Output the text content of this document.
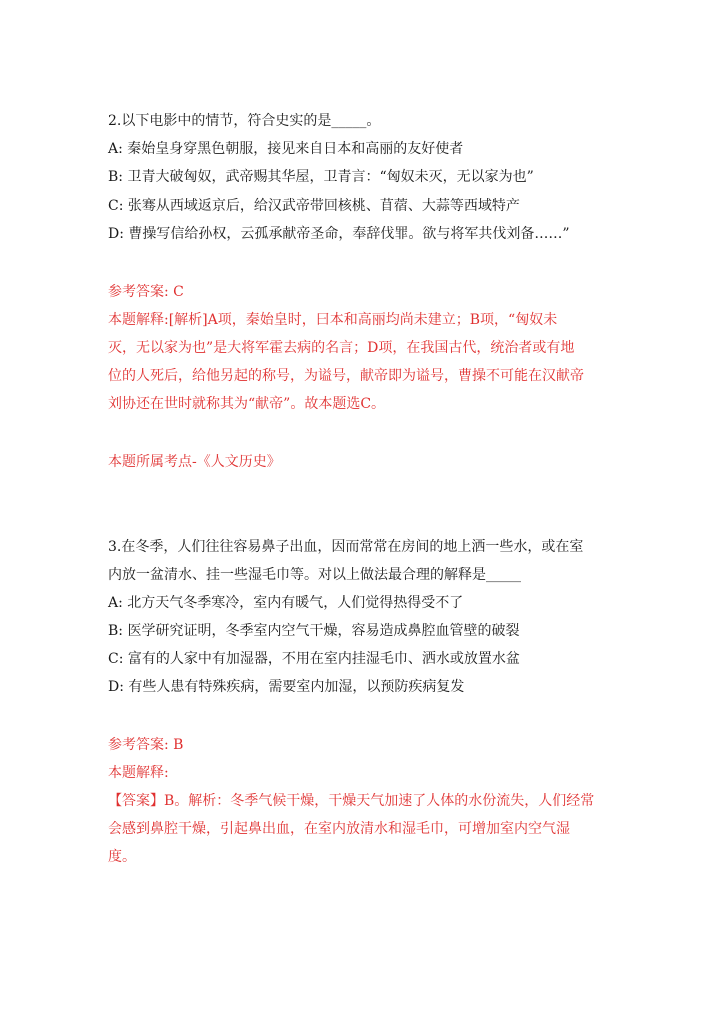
2.以下电影中的情节，符合史实的是_____。
A: 秦始皇身穿黑色朝服，接见来自日本和高丽的友好使者
B: 卫青大破匈奴，武帝赐其华屋，卫青言：“匈奴未灭，无以家为也”
C: 张骞从西域返京后，给汉武帝带回核桃、苜蓿、大蒜等西域特产
D: 曹操写信给孙权，云孤承献帝圣命，奉辞伐罪。欲与将军共伐刘备……”
参考答案: C
本题解释:[解析]A项，秦始皇时，曰本和高丽均尚未建立；B项，“匈奴未
灭，无以家为也”是大将军霍去病的名言；D项，在我国古代，统治者或有地
位的人死后，给他另起的称号，为谥号，献帝即为谥号，曹操不可能在汉献帝
刘协还在世时就称其为“献帝”。故本题选C。
本题所属考点-《人文历史》
3.在冬季，人们往往容易鼻子出血，因而常常在房间的地上洒一些水，或在室
内放一盆清水、挂一些湿毛巾等。对以上做法最合理的解释是_____
A: 北方天气冬季寒冷，室内有暖气，人们觉得热得受不了
B: 医学研究证明，冬季室内空气干燥，容易造成鼻腔血管壁的破裂
C: 富有的人家中有加湿器，不用在室内挂湿毛巾、洒水或放置水盆
D: 有些人患有特殊疾病，需要室内加湿，以预防疾病复发
参考答案: B
本题解释:
【答案】B。解析：冬季气候干燥，干燥天气加速了人体的水份流失，人们经常
会感到鼻腔干燥，引起鼻出血，在室内放清水和湿毛巾，可增加室内空气湿
度。
